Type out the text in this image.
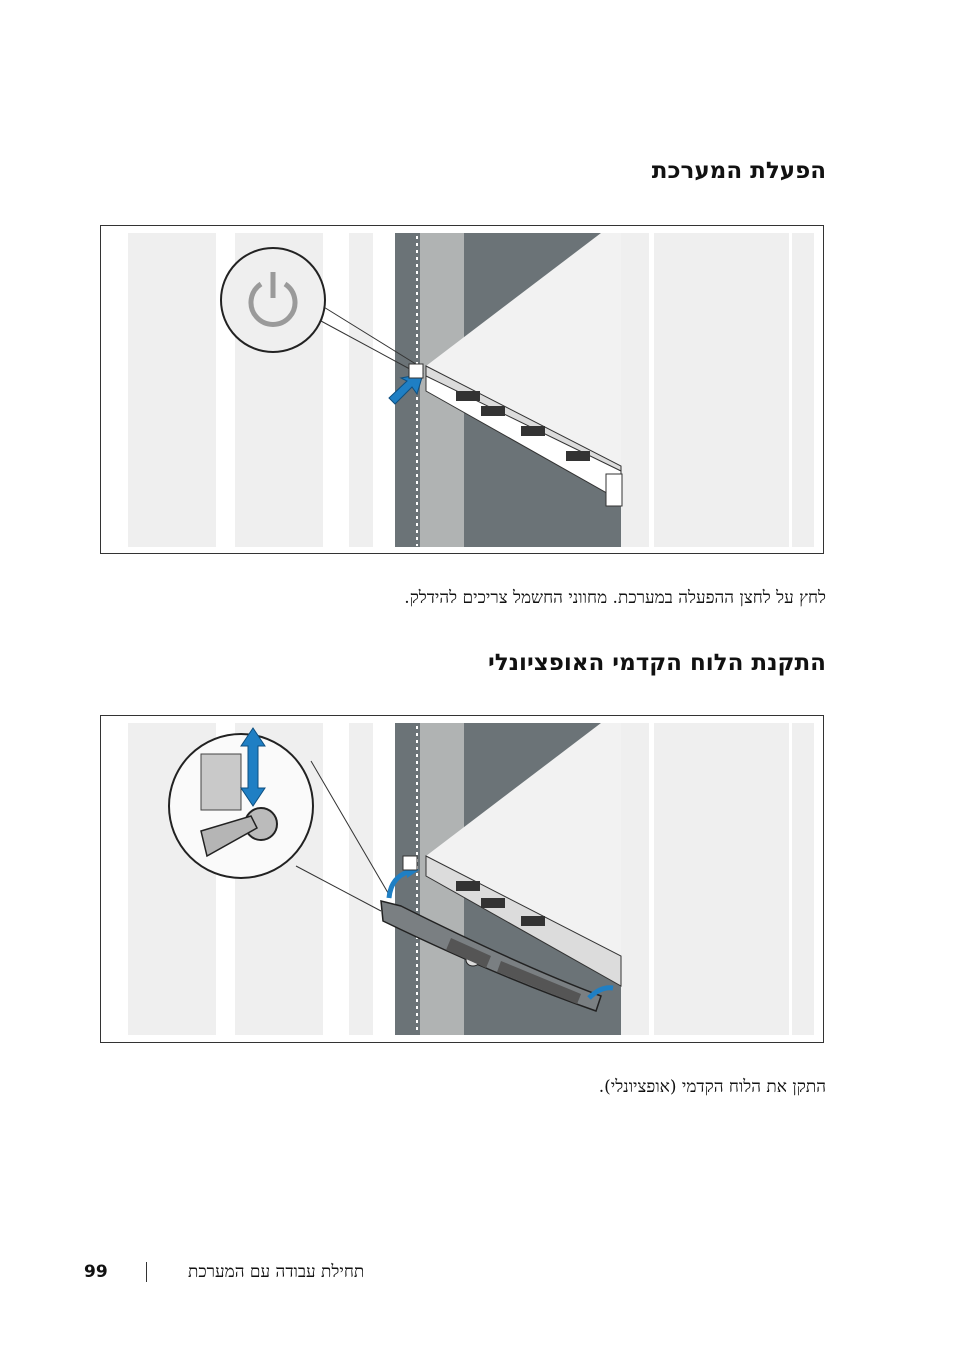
הפעלת המערכת
לחץ על לחצן ההפעלה במערכת. מחווני החשמל צריכים להידלק.
התקנת הלוח הקדמי האופציונלי
התקן את הלוח הקדמי (אופציונלי).
99	תחילת עבודה עם המערכת
